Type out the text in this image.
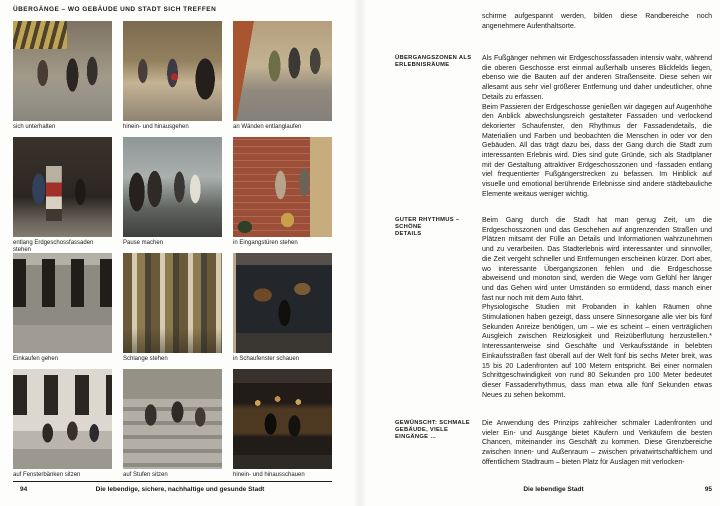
ÜBERGÄNGE – WO GEBÄUDE UND STADT SICH TREFFEN
sich unterhalten	hinein- und hinausgehen	an Wänden entlanglaufen
entlang Erdgeschossfassaden stehen
Pause machen	in Eingangstüren stehen
Einkaufen gehen	Schlange stehen	in Schaufenster schauen
auf Fensterbänken sitzen	auf Stufen sitzen	hinein- und hinausschauen
94	Die lebendige, sichere, nachhaltige und gesunde Stadt

schirme aufgespannt werden, bilden diese Randbereiche noch angenehmere Aufenthaltsorte.

ÜBERGANGSZONEN ALS
ERLEBNISRÄUME

Als Fußgänger nehmen wir Erdgeschossfassaden intensiv wahr, während die oberen Geschosse erst einmal außerhalb unseres Blickfelds liegen, ebenso wie die Bauten auf der anderen Straßenseite. Diese sehen wir allesamt aus sehr viel größerer Entfernung und daher undeutlicher, ohne Details zu erfassen.

Beim Passieren der Erdgeschosse genießen wir dagegen auf Augenhöhe den Anblick abwechslungsreich gestalteter Fassaden und verlockend dekorierter Schaufenster, den Rhythmus der Fassadendetails, die Materialien und Farben und beobachten die Menschen in oder vor den Gebäuden. All das trägt dazu bei, dass der Gang durch die Stadt zum interessanten Erlebnis wird. Dies sind gute Gründe, sich als Stadtplaner mit der Gestaltung attraktiver Erdgeschosszonen und -fassaden entlang viel frequentierter Fußgängerstrecken zu befassen. Im Hinblick auf visuelle und emotional berührende Erlebnisse sind andere städtebauliche Elemente weitaus weniger wichtig.

GUTER RHYTHMUS – SCHÖNE
DETAILS

Beim Gang durch die Stadt hat man genug Zeit, um die Erdgeschosszonen und das Geschehen auf angrenzenden Straßen und Plätzen mitsamt der Fülle an Details und Informationen wahrzunehmen und zu verarbeiten. Das Stadterlebnis wird interessanter und sinnvoller, die Zeit vergeht schneller und Entfernungen erscheinen kürzer. Dort aber, wo interessante Übergangszonen fehlen und die Erdgeschosse abweisend und monoton sind, werden die Wege vom Gefühl her länger und das Gehen wird unter Umständen so ermüdend, dass manch einer fast nur noch mit dem Auto fährt.

Physiologische Studien mit Probanden in kahlen Räumen ohne Stimulationen haben gezeigt, dass unsere Sinnesorgane alle vier bis fünf Sekunden Anreize benötigen, um – wie es scheint – einen verträglichen Ausgleich zwischen Reizlosigkeit und Reizüberflutung herzustellen.* Interessanterweise sind Geschäfte und Verkaufsstände in belebten Einkaufsstraßen fast überall auf der Welt fünf bis sechs Meter breit, was 15 bis 20 Ladenfronten auf 100 Metern entspricht. Bei einer normalen Schrittgeschwindigkeit von rund 80 Sekunden pro 100 Meter bedeutet dieser Fassadenrhythmus, dass man etwa alle fünf Sekunden etwas Neues zu sehen bekommt.

GEWÜNSCHT: SCHMALE
GEBÄUDE, VIELE EINGÄNGE …

Die Anwendung des Prinzips zahlreicher schmaler Ladenfronten und vieler Ein- und Ausgänge bietet Käufern und Verkäufern die besten Chancen, miteinander ins Geschäft zu kommen. Diese Grenzbereiche zwischen Innen- und Außenraum – zwischen privatwirtschaftlichem und öffentlichem Stadtraum – bieten Platz für Auslagen mit verlocken-

Die lebendige Stadt	95
